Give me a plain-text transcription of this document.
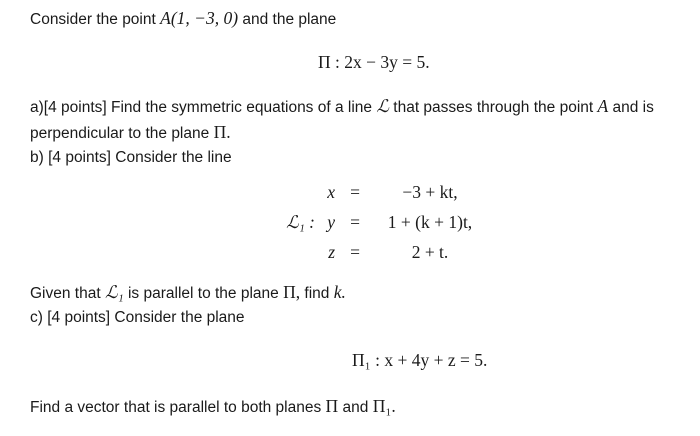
Consider the point A(1, −3, 0) and the plane
Π : 2x − 3y = 5.
a)[4 points] Find the symmetric equations of a line ℒ that passes through the point A and is
perpendicular to the plane Π.
b) [4 points] Consider the line
	x	=	−3 + kt,

ℒ₁ :	y	=	1 + (k + 1)t,

	z	=	2 + t.
Given that ℒ₁ is parallel to the plane Π, find k.
c) [4 points] Consider the plane
Π₁ : x + 4y + z = 5.
Find a vector that is parallel to both planes Π and Π₁.
